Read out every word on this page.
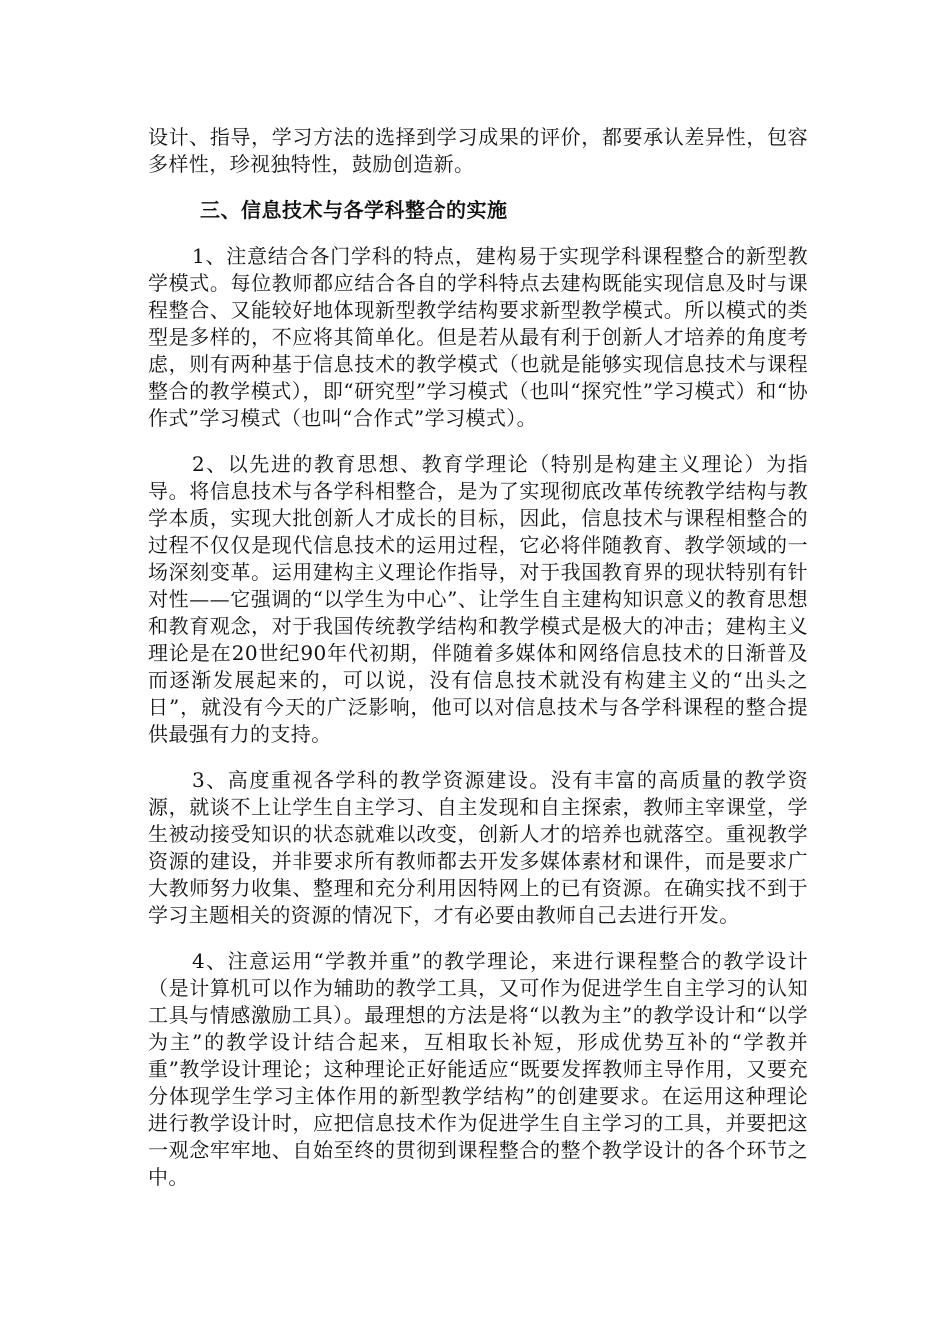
设计、指导，学习方法的选择到学习成果的评价，都要承认差异性，包容多样性，珍视独特性，鼓励创造新。

三、信息技术与各学科整合的实施

1、注意结合各门学科的特点，建构易于实现学科课程整合的新型教学模式。每位教师都应结合各自的学科特点去建构既能实现信息及时与课程整合、又能较好地体现新型教学结构要求新型教学模式。所以模式的类型是多样的，不应将其简单化。但是若从最有利于创新人才培养的角度考虑，则有两种基于信息技术的教学模式（也就是能够实现信息技术与课程整合的教学模式），即“研究型”学习模式（也叫“探究性”学习模式）和“协作式”学习模式（也叫“合作式”学习模式）。

2、以先进的教育思想、教育学理论（特别是构建主义理论）为指导。将信息技术与各学科相整合，是为了实现彻底改革传统教学结构与教学本质，实现大批创新人才成长的目标，因此，信息技术与课程相整合的过程不仅仅是现代信息技术的运用过程，它必将伴随教育、教学领域的一场深刻变革。运用建构主义理论作指导，对于我国教育界的现状特别有针对性——它强调的“以学生为中心”、让学生自主建构知识意义的教育思想和教育观念，对于我国传统教学结构和教学模式是极大的冲击；建构主义理论是在20世纪90年代初期，伴随着多媒体和网络信息技术的日渐普及而逐渐发展起来的，可以说，没有信息技术就没有构建主义的“出头之日”，就没有今天的广泛影响，他可以对信息技术与各学科课程的整合提供最强有力的支持。

3、高度重视各学科的教学资源建设。没有丰富的高质量的教学资源，就谈不上让学生自主学习、自主发现和自主探索，教师主宰课堂，学生被动接受知识的状态就难以改变，创新人才的培养也就落空。重视教学资源的建设，并非要求所有教师都去开发多媒体素材和课件，而是要求广大教师努力收集、整理和充分利用因特网上的已有资源。在确实找不到于学习主题相关的资源的情况下，才有必要由教师自己去进行开发。

4、注意运用“学教并重”的教学理论，来进行课程整合的教学设计（是计算机可以作为辅助的教学工具，又可作为促进学生自主学习的认知工具与情感激励工具）。最理想的方法是将“以教为主”的教学设计和“以学为主”的教学设计结合起来，互相取长补短，形成优势互补的“学教并重”教学设计理论；这种理论正好能适应“既要发挥教师主导作用，又要充分体现学生学习主体作用的新型教学结构”的创建要求。在运用这种理论进行教学设计时，应把信息技术作为促进学生自主学习的工具，并要把这一观念牢牢地、自始至终的贯彻到课程整合的整个教学设计的各个环节之中。
